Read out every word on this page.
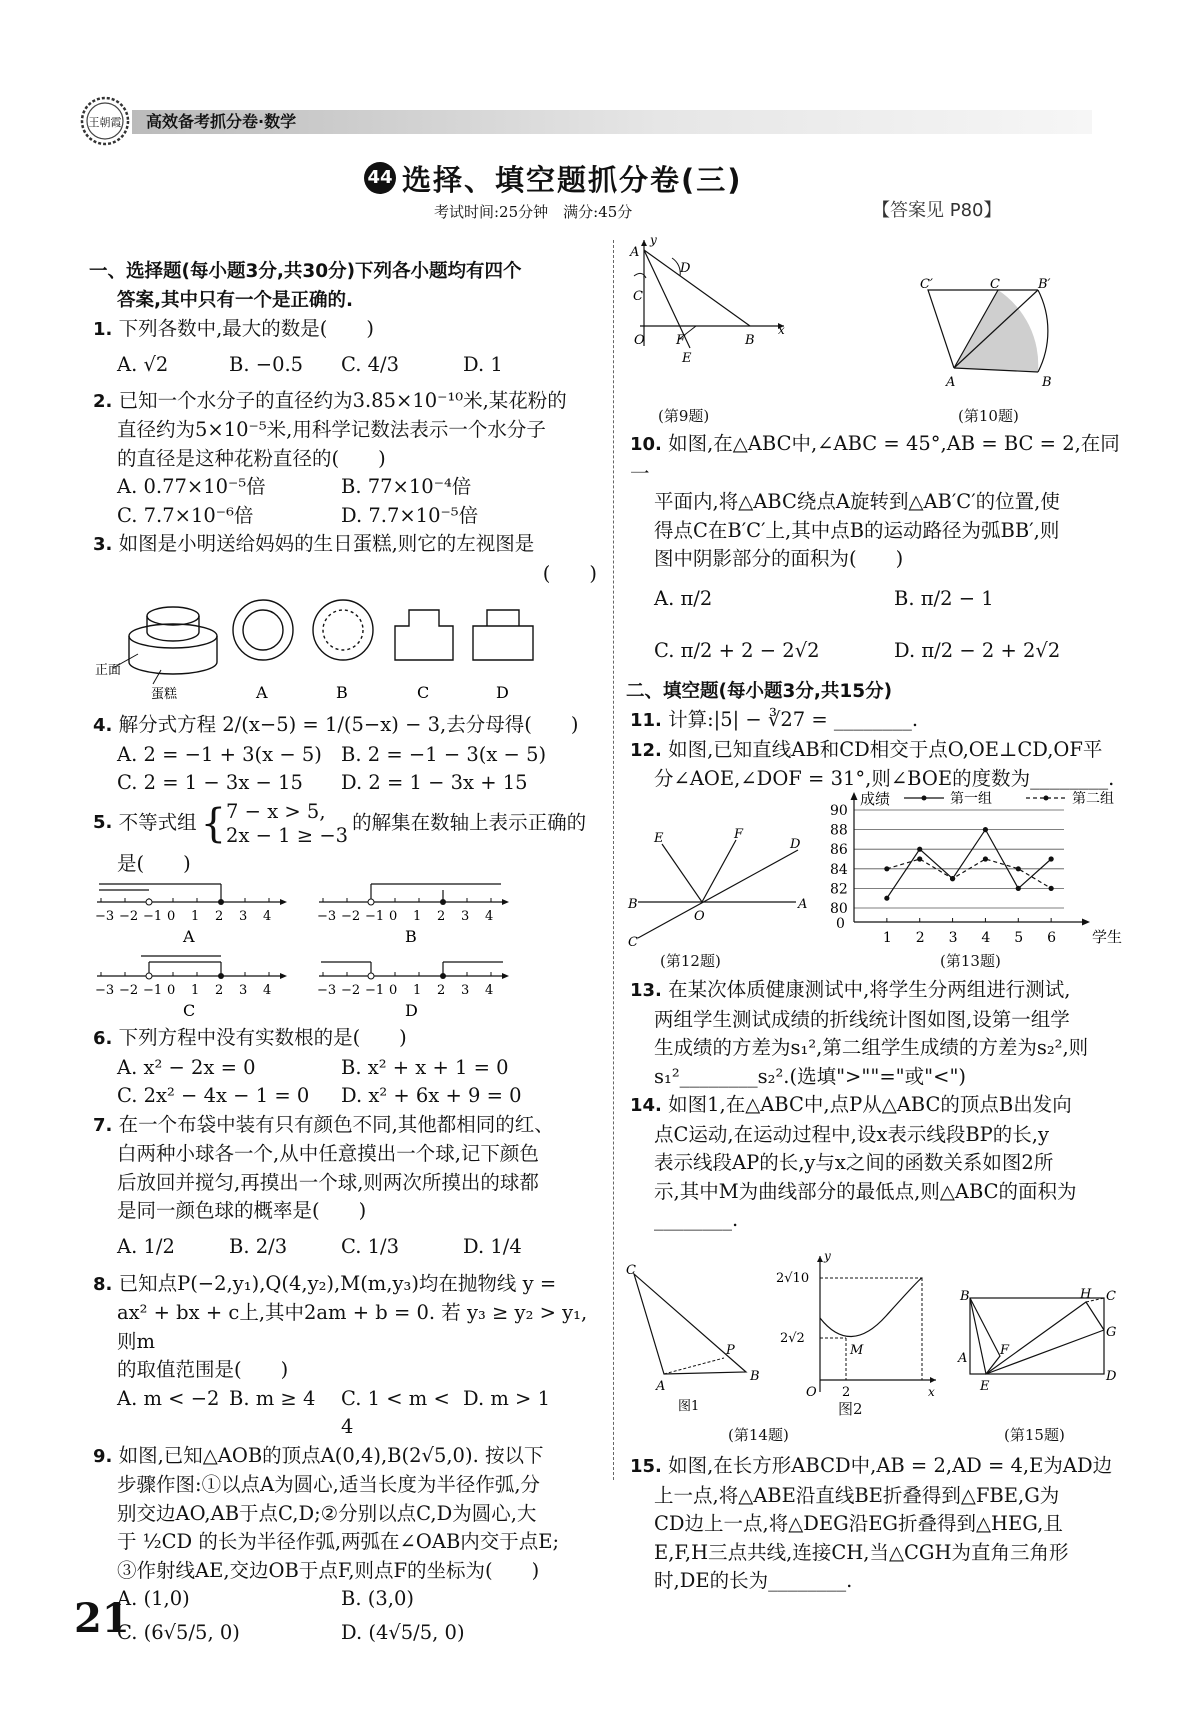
王朝霞 高效备考抓分卷·数学
44 选择、填空题抓分卷(三)
考试时间:25分钟　满分:45分	【答案见 P80】

一、选择题(每小题3分,共30分)下列各小题均有四个

答案,其中只有一个是正确的.

1. 下列各数中,最大的数是(　　)

A. √2	B. −0.5	C. 4/3	D. 1

2. 已知一个水分子的直径约为3.85×10⁻¹⁰米,某花粉的

直径约为5×10⁻⁵米,用科学记数法表示一个水分子

的直径是这种花粉直径的(　　)

A. 0.77×10⁻⁵倍	B. 77×10⁻⁴倍
C. 7.7×10⁻⁶倍	D. 7.7×10⁻⁵倍

3. 如图是小明送给妈妈的生日蛋糕,则它的左视图是

(　　)

正面
蛋糕	A	B	C	D

4. 解分式方程 2/(x−5) = 1/(5−x) − 3,去分母得(　　)

A. 2 = −1 + 3(x − 5) B. 2 = −1 − 3(x − 5)
C. 2 = 1 − 3x − 15	D. 2 = 1 − 3x + 15
5.
不等式组 { 7 − x > 5,
2x − 1 ≥ −3
的解集在数轴上表示正确的

是(　　)

−3 −2 −1 0 1 2 3 4
A
−3 −2 −1 0 1 2 3 4
B
−3 −2 −1 0 1 2 3 4
C
−3 −2 −1 0 1 2 3 4
D

6. 下列方程中没有实数根的是(　　)

A. x² − 2x = 0	B. x² + x + 1 = 0
C. 2x² − 4x − 1 = 0	D. x² + 6x + 9 = 0

7. 在一个布袋中装有只有颜色不同,其他都相同的红、

白两种小球各一个,从中任意摸出一个球,记下颜色

后放回并搅匀,再摸出一个球,则两次所摸出的球都

是同一颜色球的概率是(　　)

A. 1/2	B. 2/3	C. 1/3	D. 1/4

8. 已知点P(−2,y₁),Q(4,y₂),M(m,y₃)均在抛物线 y =

ax² + bx + c上,其中2am + b = 0. 若 y₃ ≥ y₂ > y₁,则m

的取值范围是(　　)

A. m < −2 B. m ≥ 4	C. 1 < m < 4
D. m > 1

9. 如图,已知△AOB的顶点A(0,4),B(2√5,0). 按以下

步骤作图:①以点A为圆心,适当长度为半径作弧,分

别交边AO,AB于点C,D;②分别以点C,D为圆心,大

于 ½CD 的长为半径作弧,两弧在∠OAB内交于点E;

③作射线AE,交边OB于点F,则点F的坐标为(　　)

A. (1,0)	B. (3,0)
C. (6√5/5, 0)	D. (4√5/5, 0)
A
y
D
C
O F
E
B
x
(第9题)
A	B
C
C′	B′
(第10题)

10. 如图,在△ABC中,∠ABC = 45°,AB = BC = 2,在同一

平面内,将△ABC绕点A旋转到△AB′C′的位置,使

得点C在B′C′上,其中点B的运动路径为弧BB′,则

图中阴影部分的面积为(　　)

A. π/2	B. π/2 − 1
C. π/2 + 2 − 2√2	D. π/2 − 2 + 2√2

二、填空题(每小题3分,共15分)

11. 计算:|5| − ∛27 = ________.

12. 如图,已知直线AB和CD相交于点O,OE⊥CD,OF平

分∠AOE,∠DOF = 31°,则∠BOE的度数为________.

B	A
C
D
E	F
O
(第12题)
80
82
84
86
88
90
0
1 2 3 4 5 6 学生
成绩	第一组	第二组
(第13题)

13. 在某次体质健康测试中,将学生分两组进行测试,

两组学生测试成绩的折线统计图如图,设第一组学

生成绩的方差为s₁²,第二组学生成绩的方差为s₂²,则

s₁²________s₂².(选填">""="或"<")

14. 如图1,在△ABC中,点P从△ABC的顶点B出发向

点C运动,在运动过程中,设x表示线段BP的长,y

表示线段AP的长,y与x之间的函数关系如图2所

示,其中M为曲线部分的最低点,则△ABC的面积为

________.

C
A
B
P
图1
2√10
2√2
2
O
M
y
x
图2
(第14题)
B	H C
G
A
F
E
D
(第15题)

15. 如图,在长方形ABCD中,AB = 2,AD = 4,E为AD边

上一点,将△ABE沿直线BE折叠得到△FBE,G为

CD边上一点,将△DEG沿EG折叠得到△HEG,且

E,F,H三点共线,连接CH,当△CGH为直角三角形

时,DE的长为________.

21
